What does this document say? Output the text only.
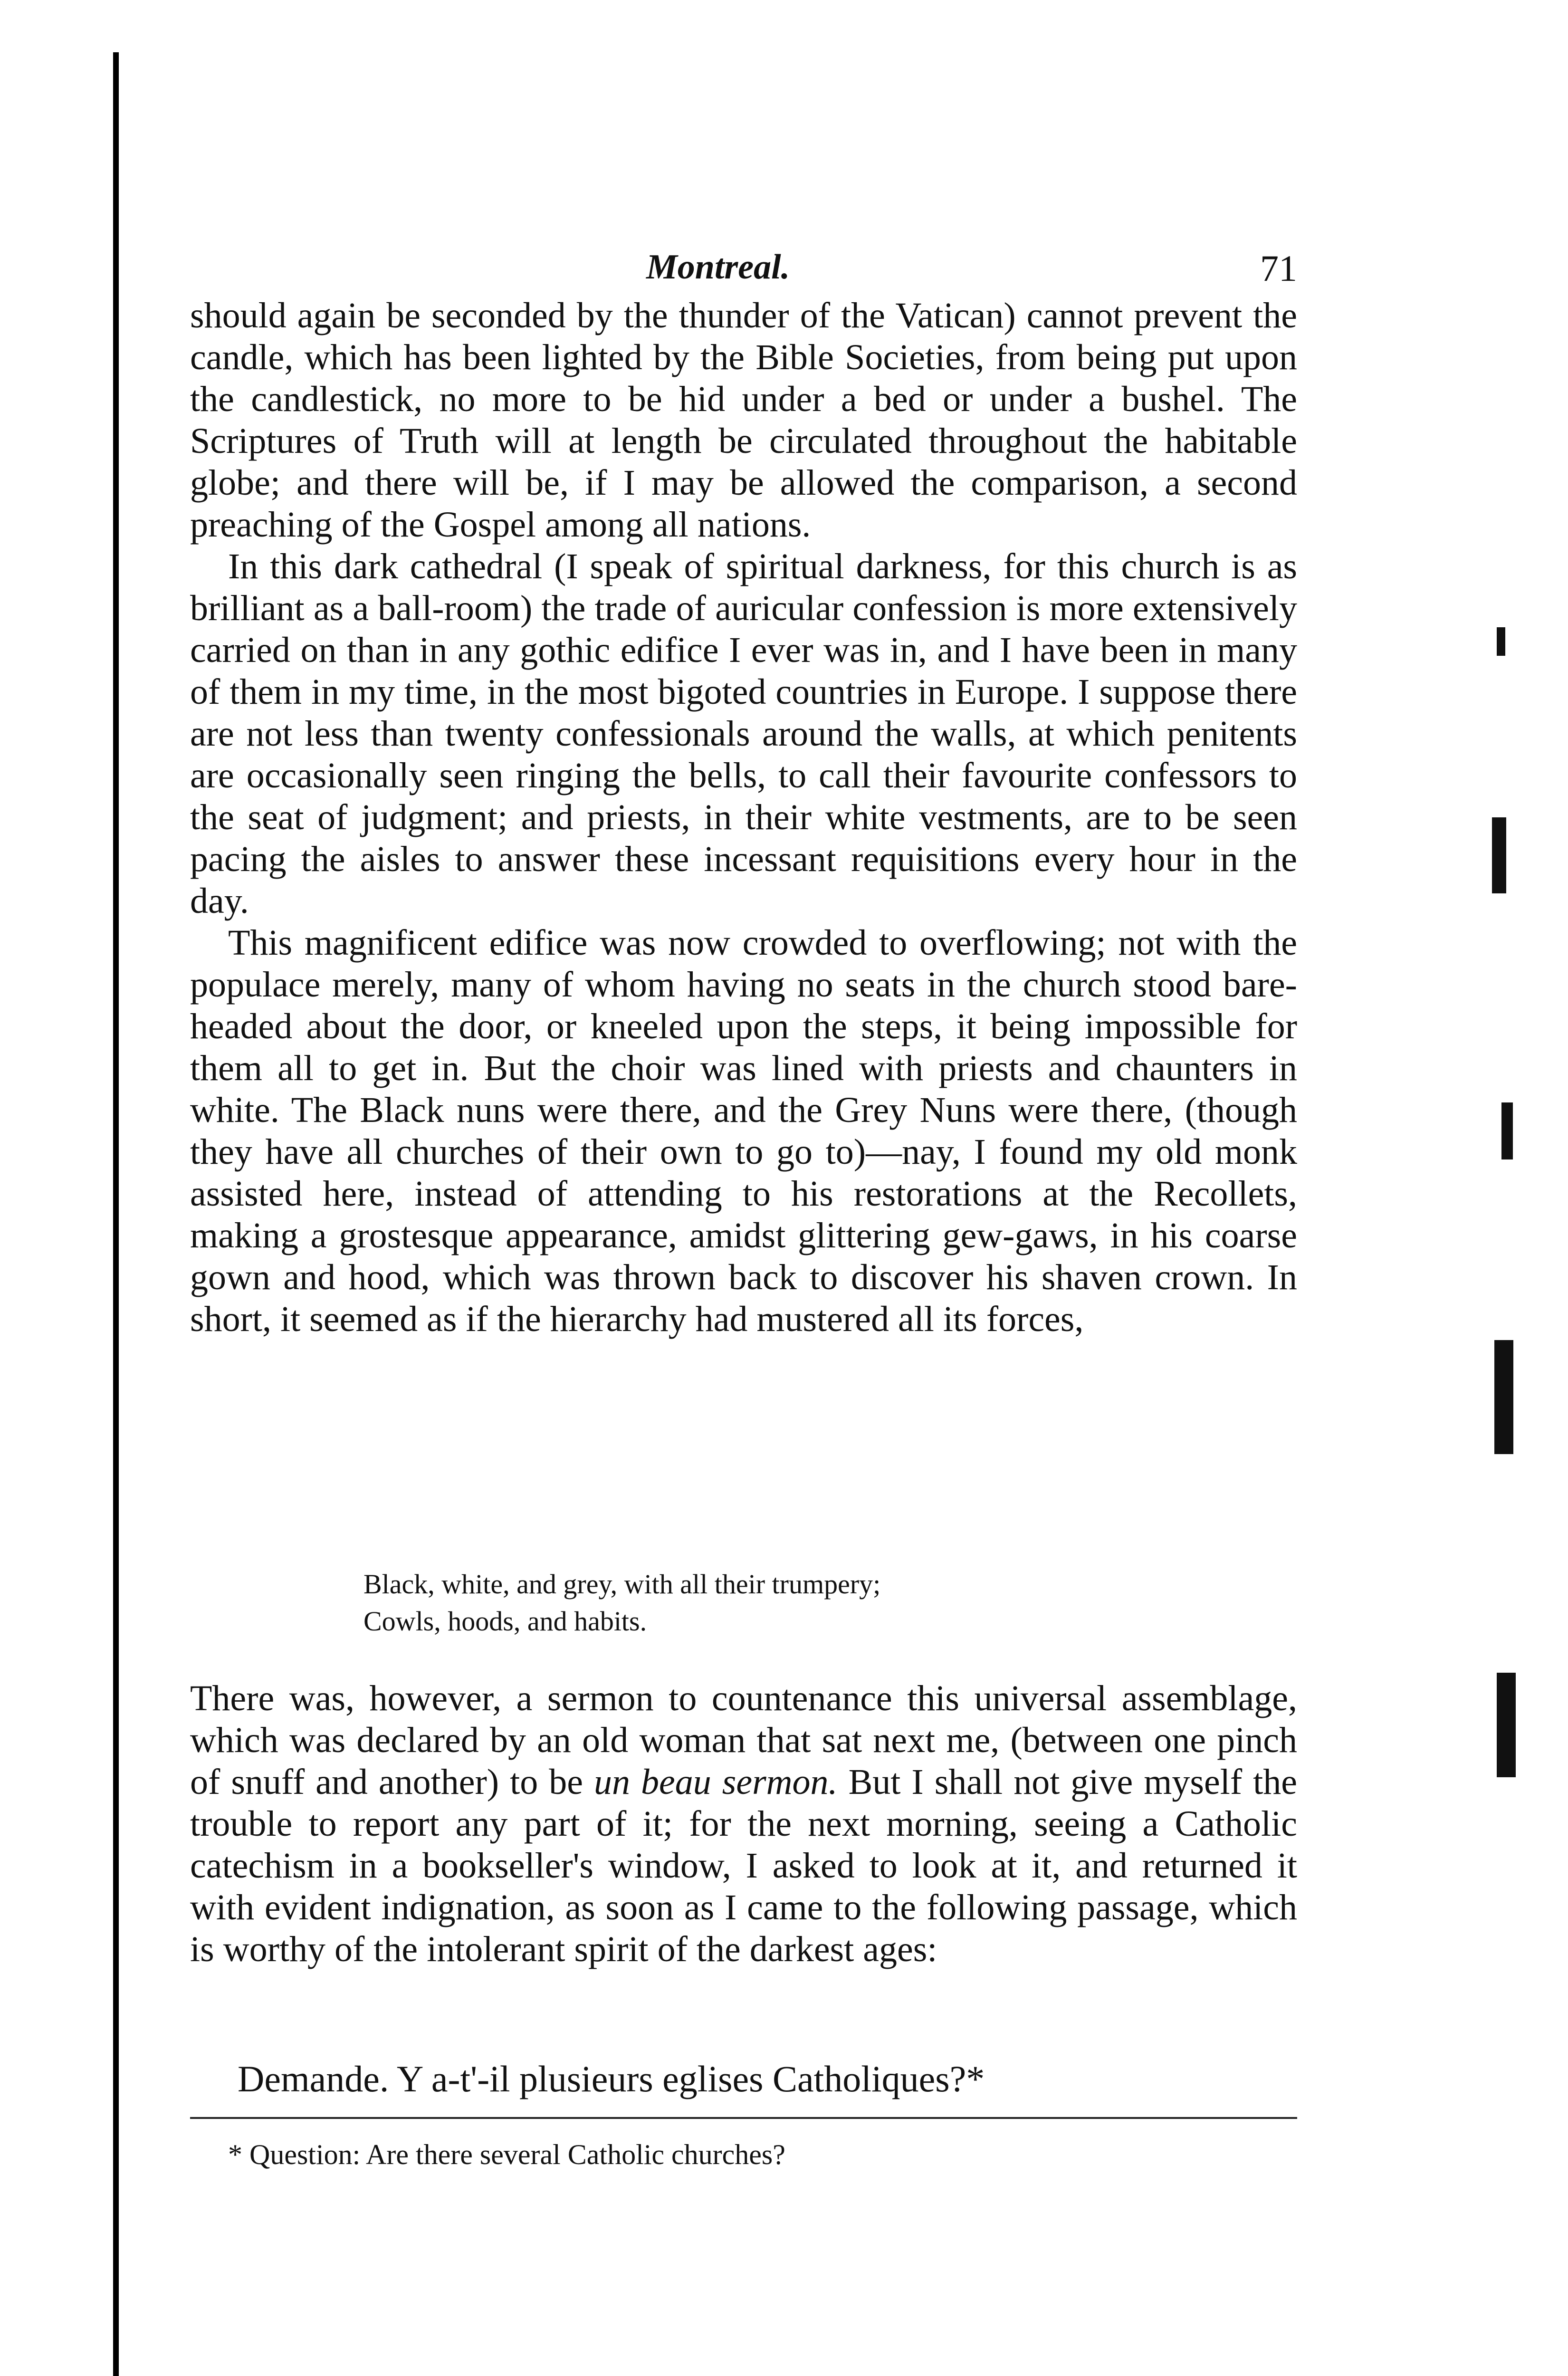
Montreal.	71

should again be seconded by the thunder of the Vatican) cannot prevent the candle, which has been lighted by the Bible Societies, from being put upon the candlestick, no more to be hid under a bed or under a bushel. The Scriptures of Truth will at length be circulated throughout the habitable globe; and there will be, if I may be allowed the comparison, a second preaching of the Gospel among all nations.

In this dark cathedral (I speak of spiritual darkness, for this church is as brilliant as a ball-room) the trade of auricular confession is more extensively carried on than in any gothic edifice I ever was in, and I have been in many of them in my time, in the most bigoted countries in Europe. I suppose there are not less than twenty confessionals around the walls, at which penitents are occasionally seen ringing the bells, to call their favourite confessors to the seat of judgment; and priests, in their white vestments, are to be seen pacing the aisles to answer these incessant requisitions every hour in the day.

This magnificent edifice was now crowded to overflowing; not with the populace merely, many of whom having no seats in the church stood bare-headed about the door, or kneeled upon the steps, it being impossible for them all to get in. But the choir was lined with priests and chaunters in white. The Black nuns were there, and the Grey Nuns were there, (though they have all churches of their own to go to)—nay, I found my old monk assisted here, instead of attending to his restorations at the Recollets, making a grostesque appearance, amidst glittering gew-gaws, in his coarse gown and hood, which was thrown back to discover his shaven crown. In short, it seemed as if the hierarchy had mustered all its forces,

Black, white, and grey, with all their trumpery;
Cowls, hoods, and habits.

There was, however, a sermon to countenance this universal assemblage, which was declared by an old woman that sat next me, (between one pinch of snuff and another) to be un beau sermon. But I shall not give myself the trouble to report any part of it; for the next morning, seeing a Catholic catechism in a bookseller's window, I asked to look at it, and returned it with evident indignation, as soon as I came to the following passage, which is worthy of the intolerant spirit of the darkest ages:

Demande. Y a-t'-il plusieurs eglises Catholiques?*
* Question: Are there several Catholic churches?
